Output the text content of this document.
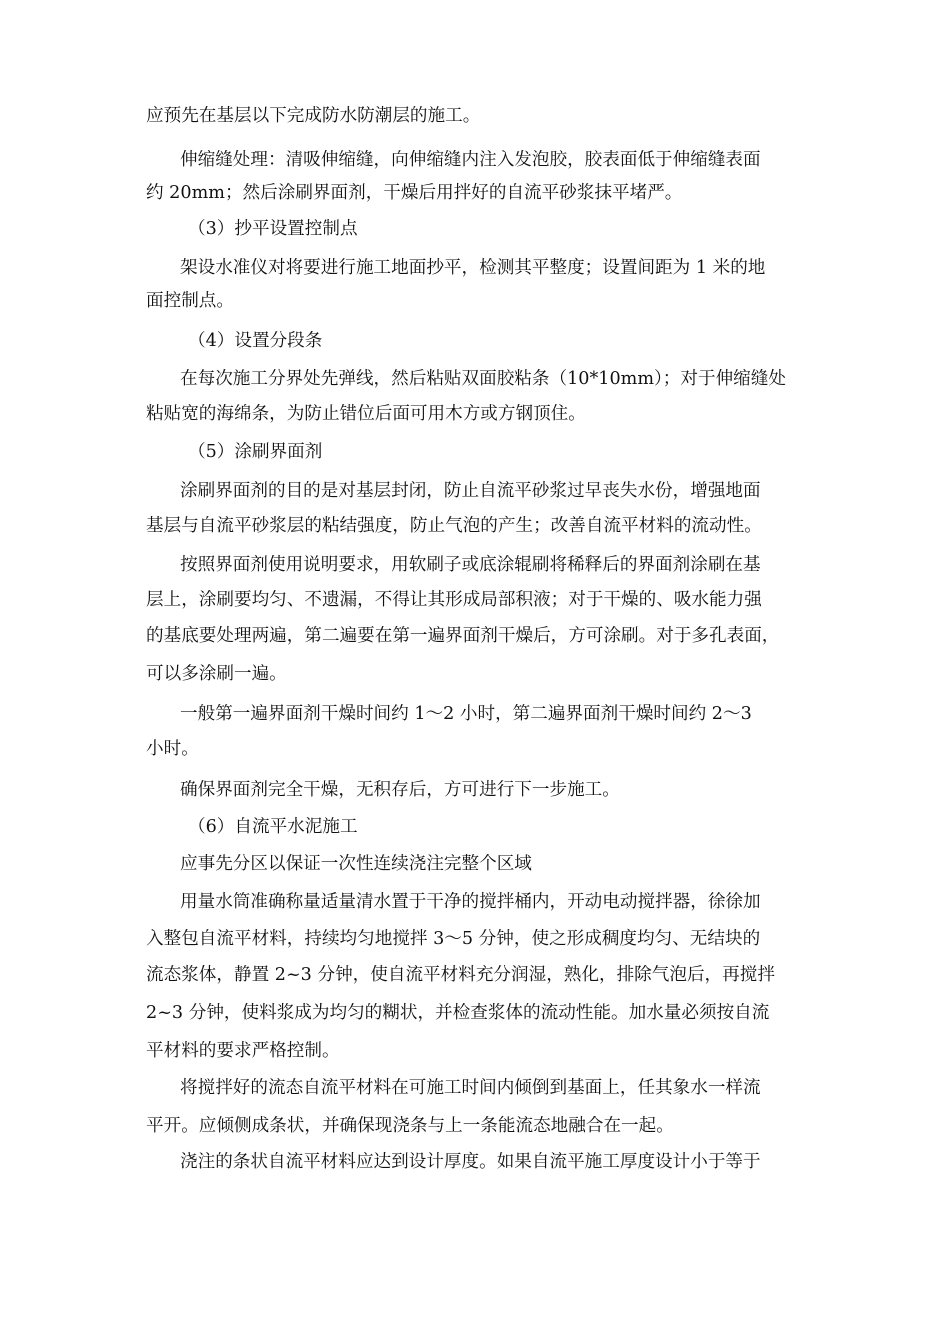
应预先在基层以下完成防水防潮层的施工。
伸缩缝处理：清吸伸缩缝，向伸缩缝内注入发泡胶，胶表面低于伸缩缝表面
约 20mm；然后涂刷界面剂，干燥后用拌好的自流平砂浆抹平堵严。
（3）抄平设置控制点
架设水准仪对将要进行施工地面抄平，检测其平整度；设置间距为 1 米的地
面控制点。
（4）设置分段条
在每次施工分界处先弹线，然后粘贴双面胶粘条（10*10mm）；对于伸缩缝处
粘贴宽的海绵条，为防止错位后面可用木方或方钢顶住。
（5）涂刷界面剂
涂刷界面剂的目的是对基层封闭，防止自流平砂浆过早丧失水份，增强地面
基层与自流平砂浆层的粘结强度，防止气泡的产生；改善自流平材料的流动性。
按照界面剂使用说明要求，用软刷子或底涂辊刷将稀释后的界面剂涂刷在基
层上，涂刷要均匀、不遗漏，不得让其形成局部积液；对于干燥的、吸水能力强
的基底要处理两遍，第二遍要在第一遍界面剂干燥后，方可涂刷。对于多孔表面，
可以多涂刷一遍。
一般第一遍界面剂干燥时间约 1～2 小时，第二遍界面剂干燥时间约 2～3
小时。
确保界面剂完全干燥，无积存后，方可进行下一步施工。
（6）自流平水泥施工
应事先分区以保证一次性连续浇注完整个区域
用量水筒准确称量适量清水置于干净的搅拌桶内，开动电动搅拌器，徐徐加
入整包自流平材料，持续均匀地搅拌 3～5 分钟，使之形成稠度均匀、无结块的
流态浆体，静置 2~3 分钟，使自流平材料充分润湿，熟化，排除气泡后，再搅拌
2~3 分钟，使料浆成为均匀的糊状，并检查浆体的流动性能。加水量必须按自流
平材料的要求严格控制。
将搅拌好的流态自流平材料在可施工时间内倾倒到基面上，任其象水一样流
平开。应倾侧成条状，并确保现浇条与上一条能流态地融合在一起。
浇注的条状自流平材料应达到设计厚度。如果自流平施工厚度设计小于等于
